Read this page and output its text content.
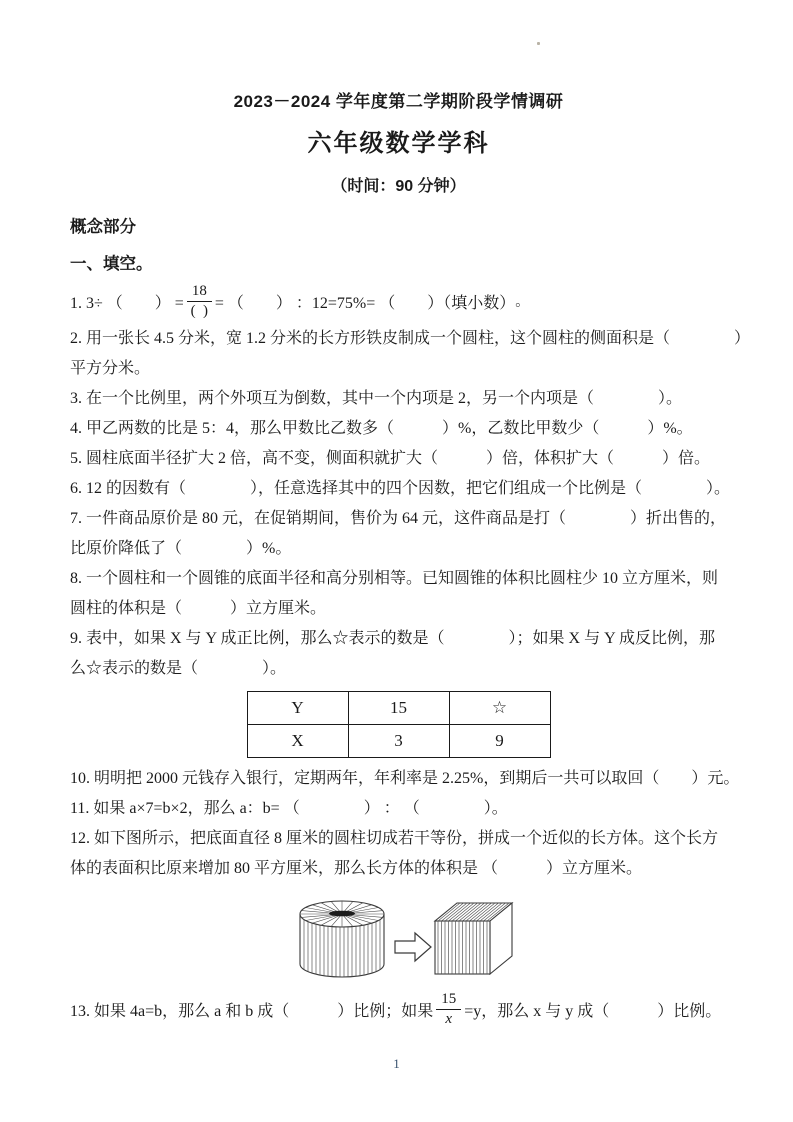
2023－2024 学年度第二学期阶段学情调研
六年级数学学科
（时间：90 分钟）
概念部分
一、填空。
1. 3÷ （　　） = $\frac{18}{( )}$ = （　　） ：12=75%= （　　）（填小数） 。
2. 用一张长 4.5 分米，宽 1.2 分米的长方形铁皮制成一个圆柱，这个圆柱的侧面积是（　　　　）
平方分米。
3. 在一个比例里，两个外项互为倒数，其中一个内项是 2，另一个内项是（　　　　）。
4. 甲乙两数的比是 5：4，那么甲数比乙数多（　　　）%，乙数比甲数少（　　　）%。
5. 圆柱底面半径扩大 2 倍，高不变，侧面积就扩大（　　　）倍，体积扩大（　　　）倍。
6. 12 的因数有（　　　　），任意选择其中的四个因数，把它们组成一个比例是（　　　　）。
7. 一件商品原价是 80 元，在促销期间，售价为 64 元，这件商品是打（　　　　）折出售的，
比原价降低了（　　　　）%。
8. 一个圆柱和一个圆锥的底面半径和高分别相等。已知圆锥的体积比圆柱少 10 立方厘米，则
圆柱的体积是（　　　）立方厘米。
9. 表中，如果 X 与 Y 成正比例，那么☆表示的数是（　　　　）；如果 X 与 Y 成反比例，那
么☆表示的数是（　　　　）。
Y	15	☆
X	3	9
10. 明明把 2000 元钱存入银行，定期两年，年利率是 2.25%，到期后一共可以取回（　　）元。
11. 如果 a×7=b×2，那么 a：b= （　　　　） ： （　　　　）。
12. 如下图所示，把底面直径 8 厘米的圆柱切成若干等份，拼成一个近似的长方体。这个长方
体的表面积比原来增加 80 平方厘米，那么长方体的体积是 （　　　）立方厘米。
13. 如果 4a=b，那么 a 和 b 成（　　　）比例；如果 $\frac{15}{x} =y$，那么 x 与 y 成（　　　）比例。
1
